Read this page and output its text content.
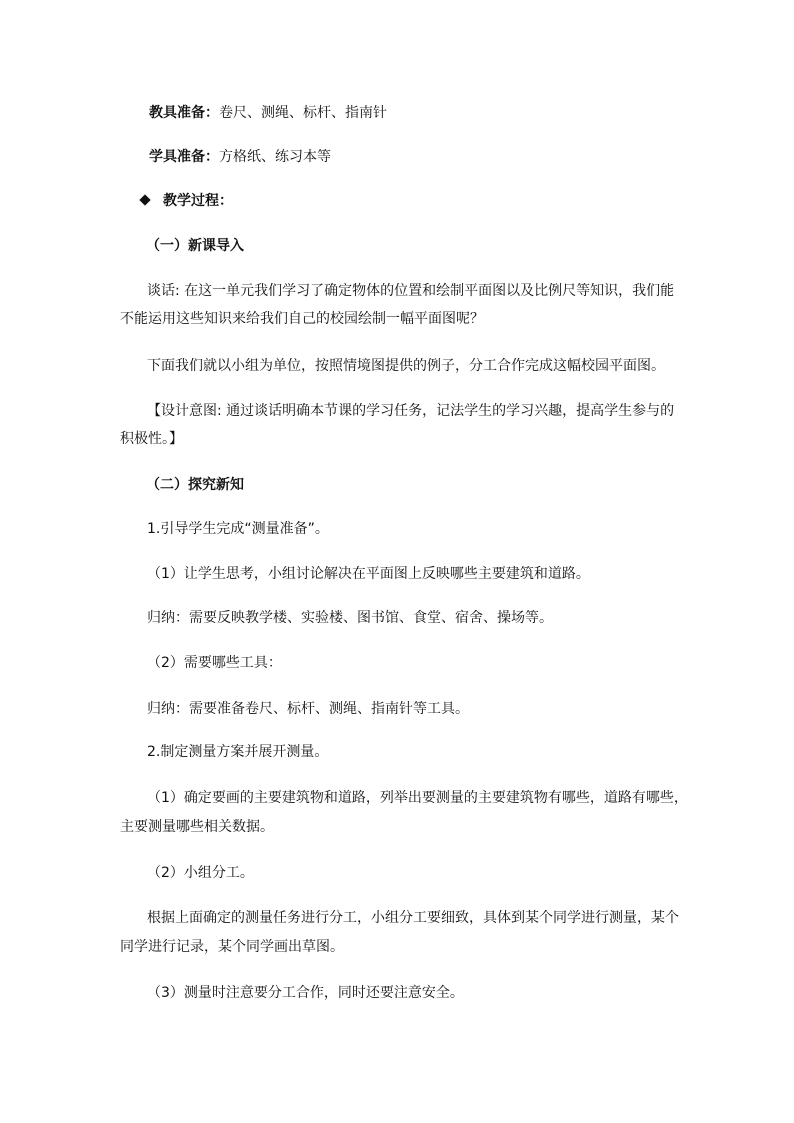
教具准备：卷尺、测绳、标杆、指南针
学具准备：方格纸、练习本等
教学过程：
（一）新课导入
谈话: 在这一单元我们学习了确定物体的位置和绘制平面图以及比例尺等知识，我们能
不能运用这些知识来给我们自己的校园绘制一幅平面图呢？
下面我们就以小组为单位，按照情境图提供的例子，分工合作完成这幅校园平面图。
【设计意图: 通过谈话明确本节课的学习任务，记法学生的学习兴趣，提高学生参与的
积极性。】
（二）探究新知
1.引导学生完成“测量准备”。
（1）让学生思考，小组讨论解决在平面图上反映哪些主要建筑和道路。
归纳：需要反映教学楼、实验楼、图书馆、食堂、宿舍、操场等。
（2）需要哪些工具：
归纳：需要准备卷尺、标杆、测绳、指南针等工具。
2.制定测量方案并展开测量。
（1）确定要画的主要建筑物和道路，列举出要测量的主要建筑物有哪些，道路有哪些，
主要测量哪些相关数据。
（2）小组分工。
根据上面确定的测量任务进行分工，小组分工要细致，具体到某个同学进行测量，某个
同学进行记录，某个同学画出草图。
（3）测量时注意要分工合作，同时还要注意安全。
